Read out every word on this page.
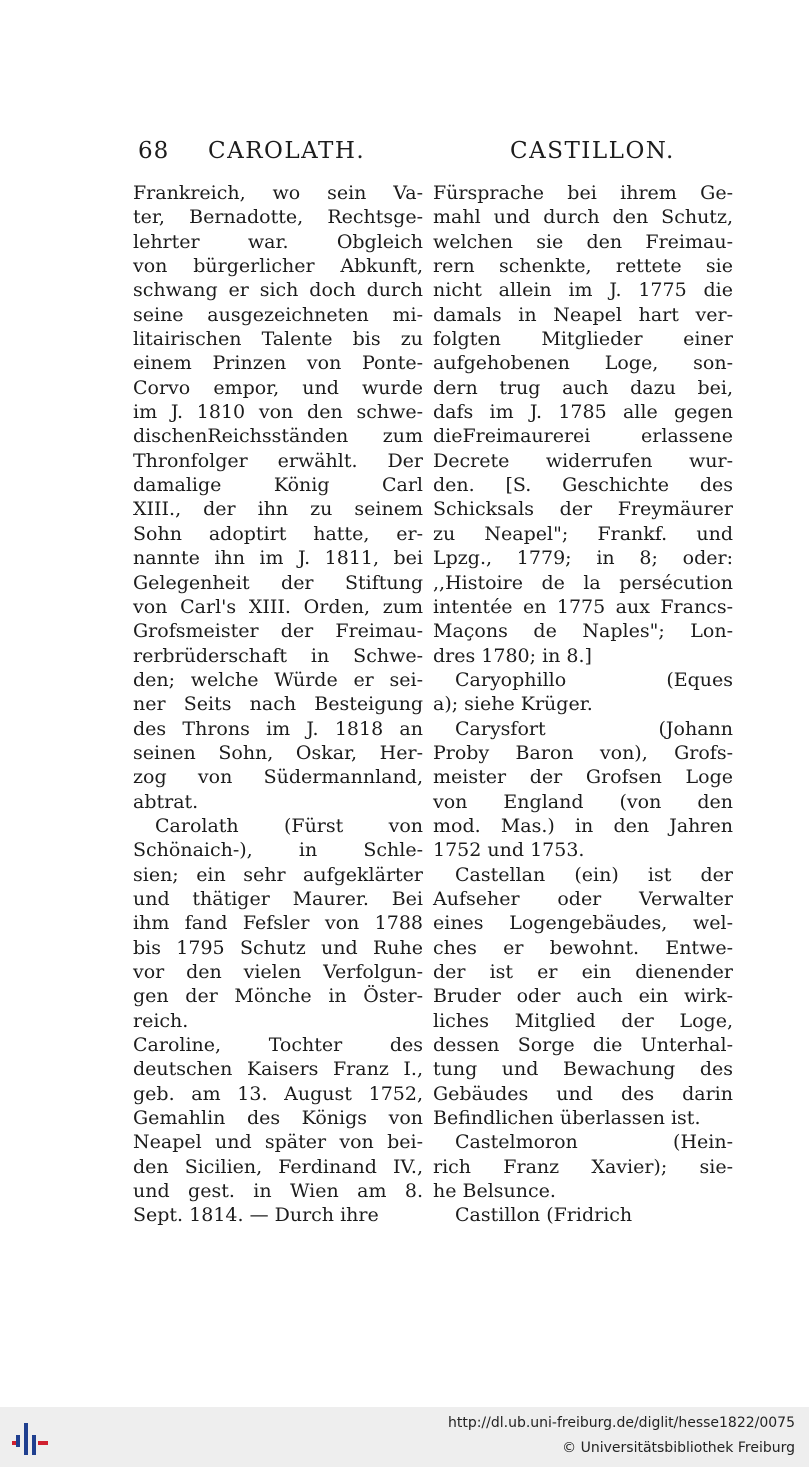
68 CAROLATH.	CASTILLON.
Frankreich, wo sein Va-
ter, Bernadotte, Rechtsge-
lehrter war. Obgleich
von bürgerlicher Abkunft,
schwang er sich doch durch
seine ausgezeichneten mi-
litairischen Talente bis zu
einem Prinzen von Ponte-
Corvo empor, und wurde
im J. 1810 von den schwe-
dischenReichsständen zum
Thronfolger erwählt. Der
damalige König Carl
XIII., der ihn zu seinem
Sohn adoptirt hatte, er-
nannte ihn im J. 1811, bei
Gelegenheit der Stiftung
von Carl's XIII. Orden, zum
Grofsmeister der Freimau-
rerbrüderschaft in Schwe-
den; welche Würde er sei-
ner Seits nach Besteigung
des Throns im J. 1818 an
seinen Sohn, Oskar, Her-
zog von Südermannland,
abtrat.
Carolath (Fürst von
Schönaich-), in Schle-
sien; ein sehr aufgeklärter
und thätiger Maurer. Bei
ihm fand Fefsler von 1788
bis 1795 Schutz und Ruhe
vor den vielen Verfolgun-
gen der Mönche in Öster-
reich.
Caroline, Tochter des
deutschen Kaisers Franz I.,
geb. am 13. August 1752,
Gemahlin des Königs von
Neapel und später von bei-
den Sicilien, Ferdinand IV.,
und gest. in Wien am 8.
Sept. 1814. — Durch ihre
Fürsprache bei ihrem Ge-
mahl und durch den Schutz,
welchen sie den Freimau-
rern schenkte, rettete sie
nicht allein im J. 1775 die
damals in Neapel hart ver-
folgten Mitglieder einer
aufgehobenen Loge, son-
dern trug auch dazu bei,
dafs im J. 1785 alle gegen
dieFreimaurerei erlassene
Decrete widerrufen wur-
den. [S. Geschichte des
Schicksals der Freymäurer
zu Neapel"; Frankf. und
Lpzg., 1779; in 8; oder:
,,Histoire de la persécution
intentée en 1775 aux Francs-
Maçons de Naples"; Lon-
dres 1780; in 8.]
Caryophillo (Eques
a); siehe Krüger.
Carysfort (Johann
Proby Baron von), Grofs-
meister der Grofsen Loge
von England (von den
mod. Mas.) in den Jahren
1752 und 1753.
Castellan (ein) ist der
Aufseher oder Verwalter
eines Logengebäudes, wel-
ches er bewohnt. Entwe-
der ist er ein dienender
Bruder oder auch ein wirk-
liches Mitglied der Loge,
dessen Sorge die Unterhal-
tung und Bewachung des
Gebäudes und des darin
Befindlichen überlassen ist.
Castelmoron (Hein-
rich Franz Xavier); sie-
he Belsunce.
Castillon (Fridrich
http://dl.ub.uni-freiburg.de/diglit/hesse1822/0075
© Universitätsbibliothek Freiburg
